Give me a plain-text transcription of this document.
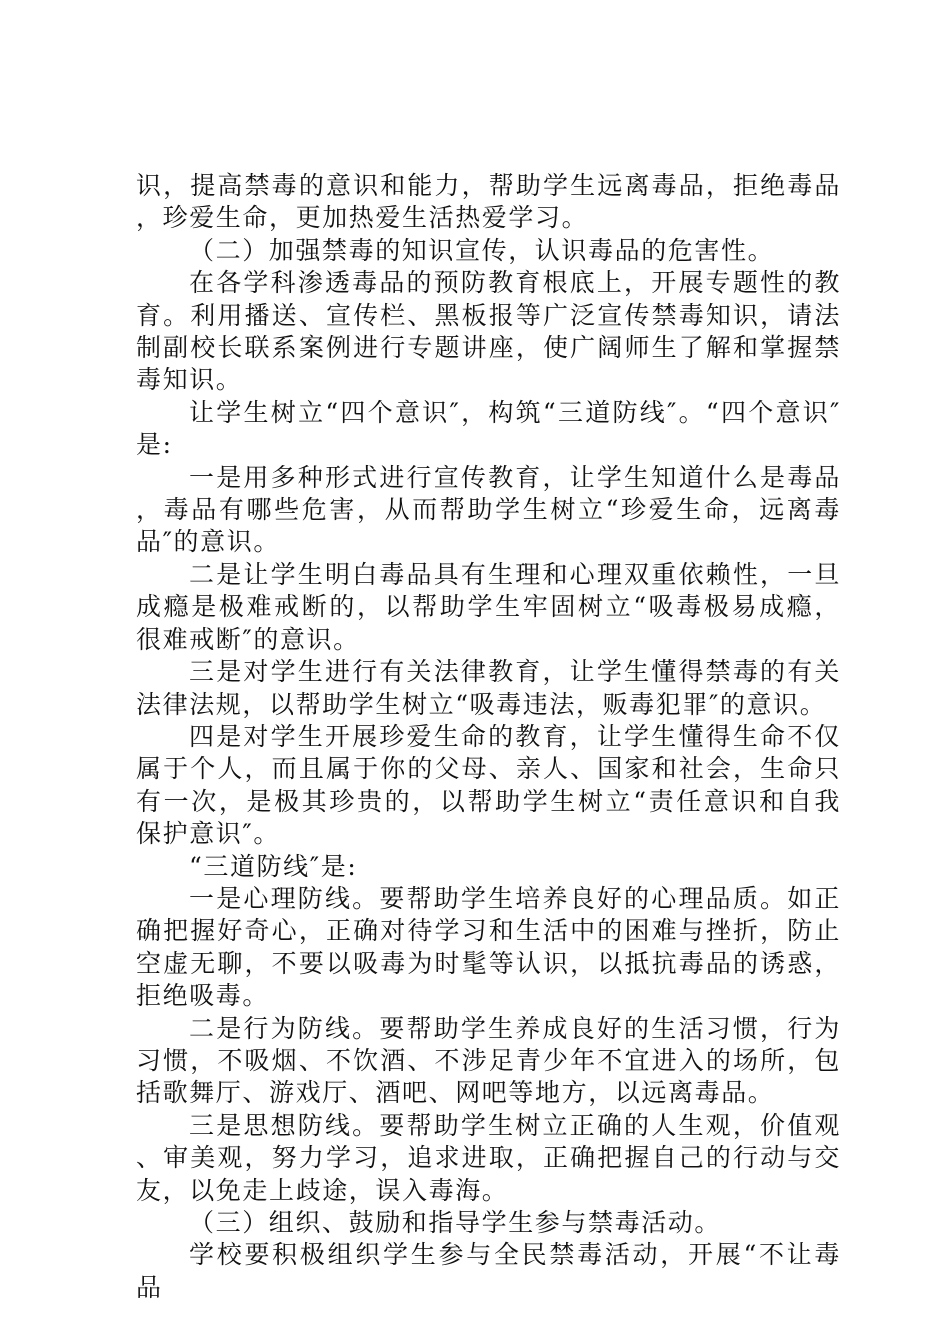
识，提高禁毒的意识和能力，帮助学生远离毒品，拒绝毒品，珍爱生命，更加热爱生活热爱学习。

（二）加强禁毒的知识宣传，认识毒品的危害性。

在各学科渗透毒品的预防教育根底上，开展专题性的教育。利用播送、宣传栏、黑板报等广泛宣传禁毒知识，请法制副校长联系案例进行专题讲座，使广阔师生了解和掌握禁毒知识。

让学生树立“四个意识″，构筑“三道防线″。“四个意识″是:

一是用多种形式进行宣传教育，让学生知道什么是毒品，毒品有哪些危害，从而帮助学生树立“珍爱生命，远离毒品″的意识。

二是让学生明白毒品具有生理和心理双重依赖性，一旦成瘾是极难戒断的，以帮助学生牢固树立“吸毒极易成瘾，很难戒断″的意识。

三是对学生进行有关法律教育，让学生懂得禁毒的有关法律法规，以帮助学生树立“吸毒违法，贩毒犯罪″的意识。

四是对学生开展珍爱生命的教育，让学生懂得生命不仅属于个人，而且属于你的父母、亲人、国家和社会，生命只有一次，是极其珍贵的，以帮助学生树立“责任意识和自我保护意识″。

“三道防线″是:

一是心理防线。要帮助学生培养良好的心理品质。如正确把握好奇心，正确对待学习和生活中的困难与挫折，防止空虚无聊，不要以吸毒为时髦等认识，以抵抗毒品的诱惑，拒绝吸毒。

二是行为防线。要帮助学生养成良好的生活习惯，行为习惯，不吸烟、不饮酒、不涉足青少年不宜进入的场所，包括歌舞厅、游戏厅、酒吧、网吧等地方，以远离毒品。

三是思想防线。要帮助学生树立正确的人生观，价值观、审美观，努力学习，追求进取，正确把握自己的行动与交友，以免走上歧途，误入毒海。

（三）组织、鼓励和指导学生参与禁毒活动。

学校要积极组织学生参与全民禁毒活动，开展“不让毒品
